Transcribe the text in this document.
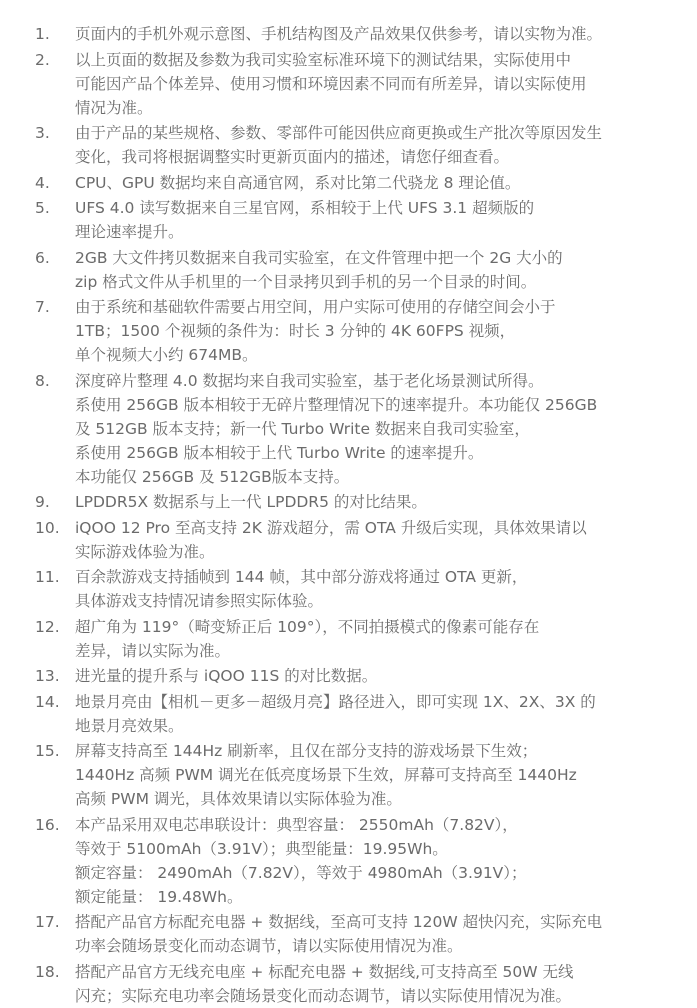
1.	页面内的手机外观示意图、手机结构图及产品效果仅供参考，请以实物为准。
2.	以上页面的数据及参数为我司实验室标准环境下的测试结果，实际使用中
可能因产品个体差异、使用习惯和环境因素不同而有所差异，请以实际使用
情况为准。
3.	由于产品的某些规格、参数、零部件可能因供应商更换或生产批次等原因发生
变化，我司将根据调整实时更新页面内的描述，请您仔细查看。
4.	CPU、GPU 数据均来自高通官网，系对比第二代骁龙 8 理论值。
5.	UFS 4.0 读写数据来自三星官网，系相较于上代 UFS 3.1 超频版的
理论速率提升。
6.	2GB 大文件拷贝数据来自我司实验室，在文件管理中把一个 2G 大小的
zip 格式文件从手机里的一个目录拷贝到手机的另一个目录的时间。
7.	由于系统和基础软件需要占用空间，用户实际可使用的存储空间会小于
1TB；1500 个视频的条件为：时长 3 分钟的 4K 60FPS 视频，
单个视频大小约 674MB。
8.	深度碎片整理 4.0 数据均来自我司实验室，基于老化场景测试所得。
系使用 256GB 版本相较于无碎片整理情况下的速率提升。本功能仅 256GB
及 512GB 版本支持；新一代 Turbo Write 数据来自我司实验室，
系使用 256GB 版本相较于上代 Turbo Write 的速率提升。
本功能仅 256GB 及 512GB版本支持。
9.	LPDDR5X 数据系与上一代 LPDDR5 的对比结果。
10. iQOO 12 Pro 至高支持 2K 游戏超分，需 OTA 升级后实现，具体效果请以
实际游戏体验为准。
11. 百余款游戏支持插帧到 144 帧，其中部分游戏将通过 OTA 更新，
具体游戏支持情况请参照实际体验。
12. 超广角为 119°（畸变矫正后 109°），不同拍摄模式的像素可能存在
差异，请以实际为准。
13. 进光量的提升系与 iQOO 11S 的对比数据。
14. 地景月亮由【相机－更多－超级月亮】路径进入，即可实现 1X、2X、3X 的
地景月亮效果。
15. 屏幕支持高至 144Hz 刷新率，且仅在部分支持的游戏场景下生效；
1440Hz 高频 PWM 调光在低亮度场景下生效，屏幕可支持高至 1440Hz
高频 PWM 调光，具体效果请以实际体验为准。
16. 本产品采用双电芯串联设计：典型容量： 2550mAh（7.82V），
等效于 5100mAh（3.91V）；典型能量：19.95Wh。
额定容量： 2490mAh（7.82V），等效于 4980mAh（3.91V）；
额定能量： 19.48Wh。
17. 搭配产品官方标配充电器 + 数据线，至高可支持 120W 超快闪充，实际充电
功率会随场景变化而动态调节，请以实际使用情况为准。
18. 搭配产品官方无线充电座 + 标配充电器 + 数据线,可支持高至 50W 无线
闪充；实际充电功率会随场景变化而动态调节，请以实际使用情况为准。
